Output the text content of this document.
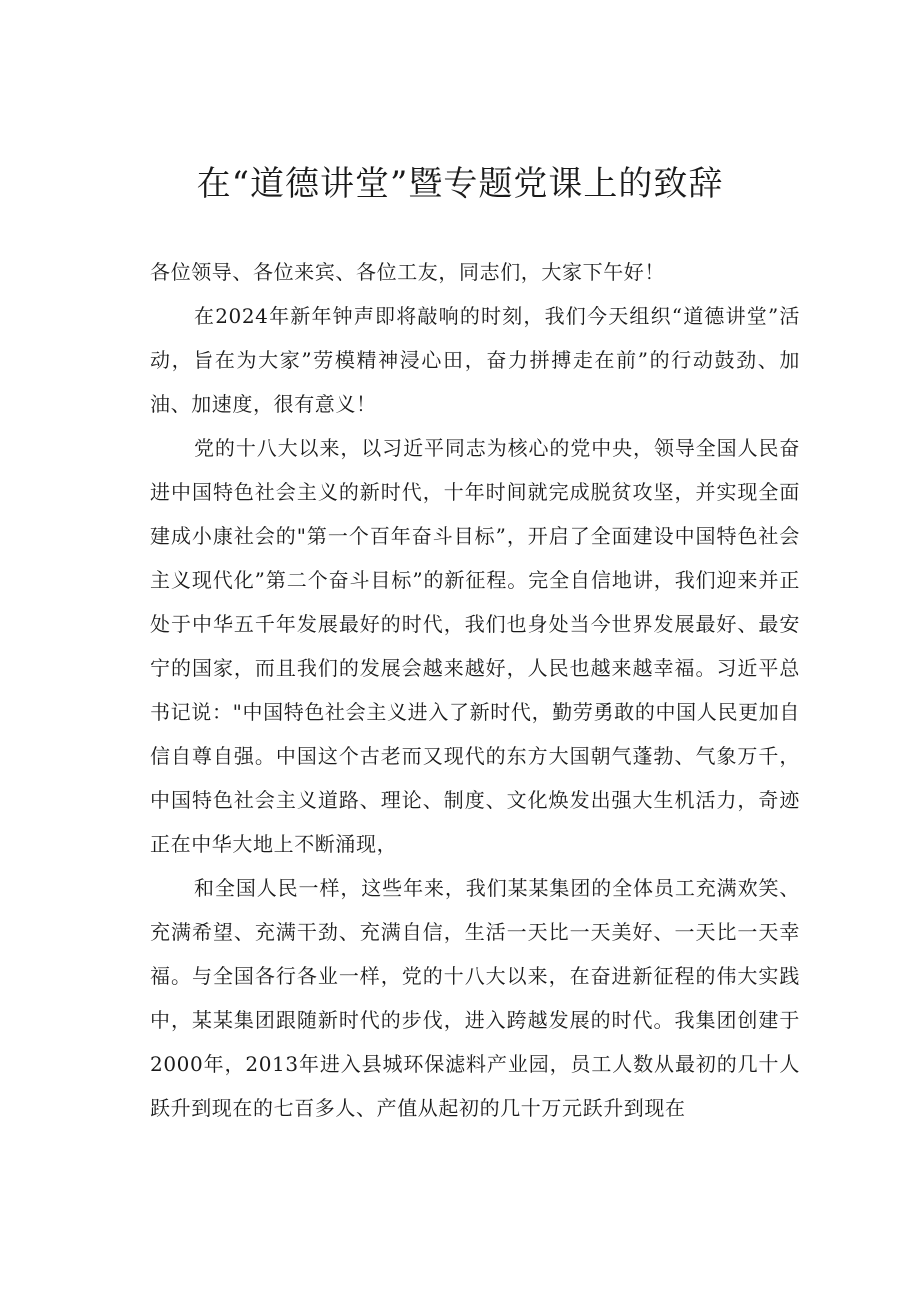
在“道德讲堂”暨专题党课上的致辞

各位领导、各位来宾、各位工友，同志们，大家下午好！

在2024年新年钟声即将敲响的时刻，我们今天组织“道德讲堂”活动，旨在为大家”劳模精神浸心田，奋力拼搏走在前”的行动鼓劲、加油、加速度，很有意义！

党的十八大以来，以习近平同志为核心的党中央，领导全国人民奋进中国特色社会主义的新时代，十年时间就完成脱贫攻坚，并实现全面建成小康社会的"第一个百年奋斗目标”，开启了全面建设中国特色社会主义现代化”第二个奋斗目标”的新征程。完全自信地讲，我们迎来并正处于中华五千年发展最好的时代，我们也身处当今世界发展最好、最安宁的国家，而且我们的发展会越来越好，人民也越来越幸福。习近平总书记说："中国特色社会主义进入了新时代，勤劳勇敢的中国人民更加自信自尊自强。中国这个古老而又现代的东方大国朝气蓬勃、气象万千，中国特色社会主义道路、理论、制度、文化焕发出强大生机活力，奇迹正在中华大地上不断涌现，

和全国人民一样，这些年来，我们某某集团的全体员工充满欢笑、充满希望、充满干劲、充满自信，生活一天比一天美好、一天比一天幸福。与全国各行各业一样，党的十八大以来，在奋进新征程的伟大实践中，某某集团跟随新时代的步伐，进入跨越发展的时代。我集团创建于2000年，2013年进入县城环保滤料产业园，员工人数从最初的几十人跃升到现在的七百多人、产值从起初的几十万元跃升到现在
